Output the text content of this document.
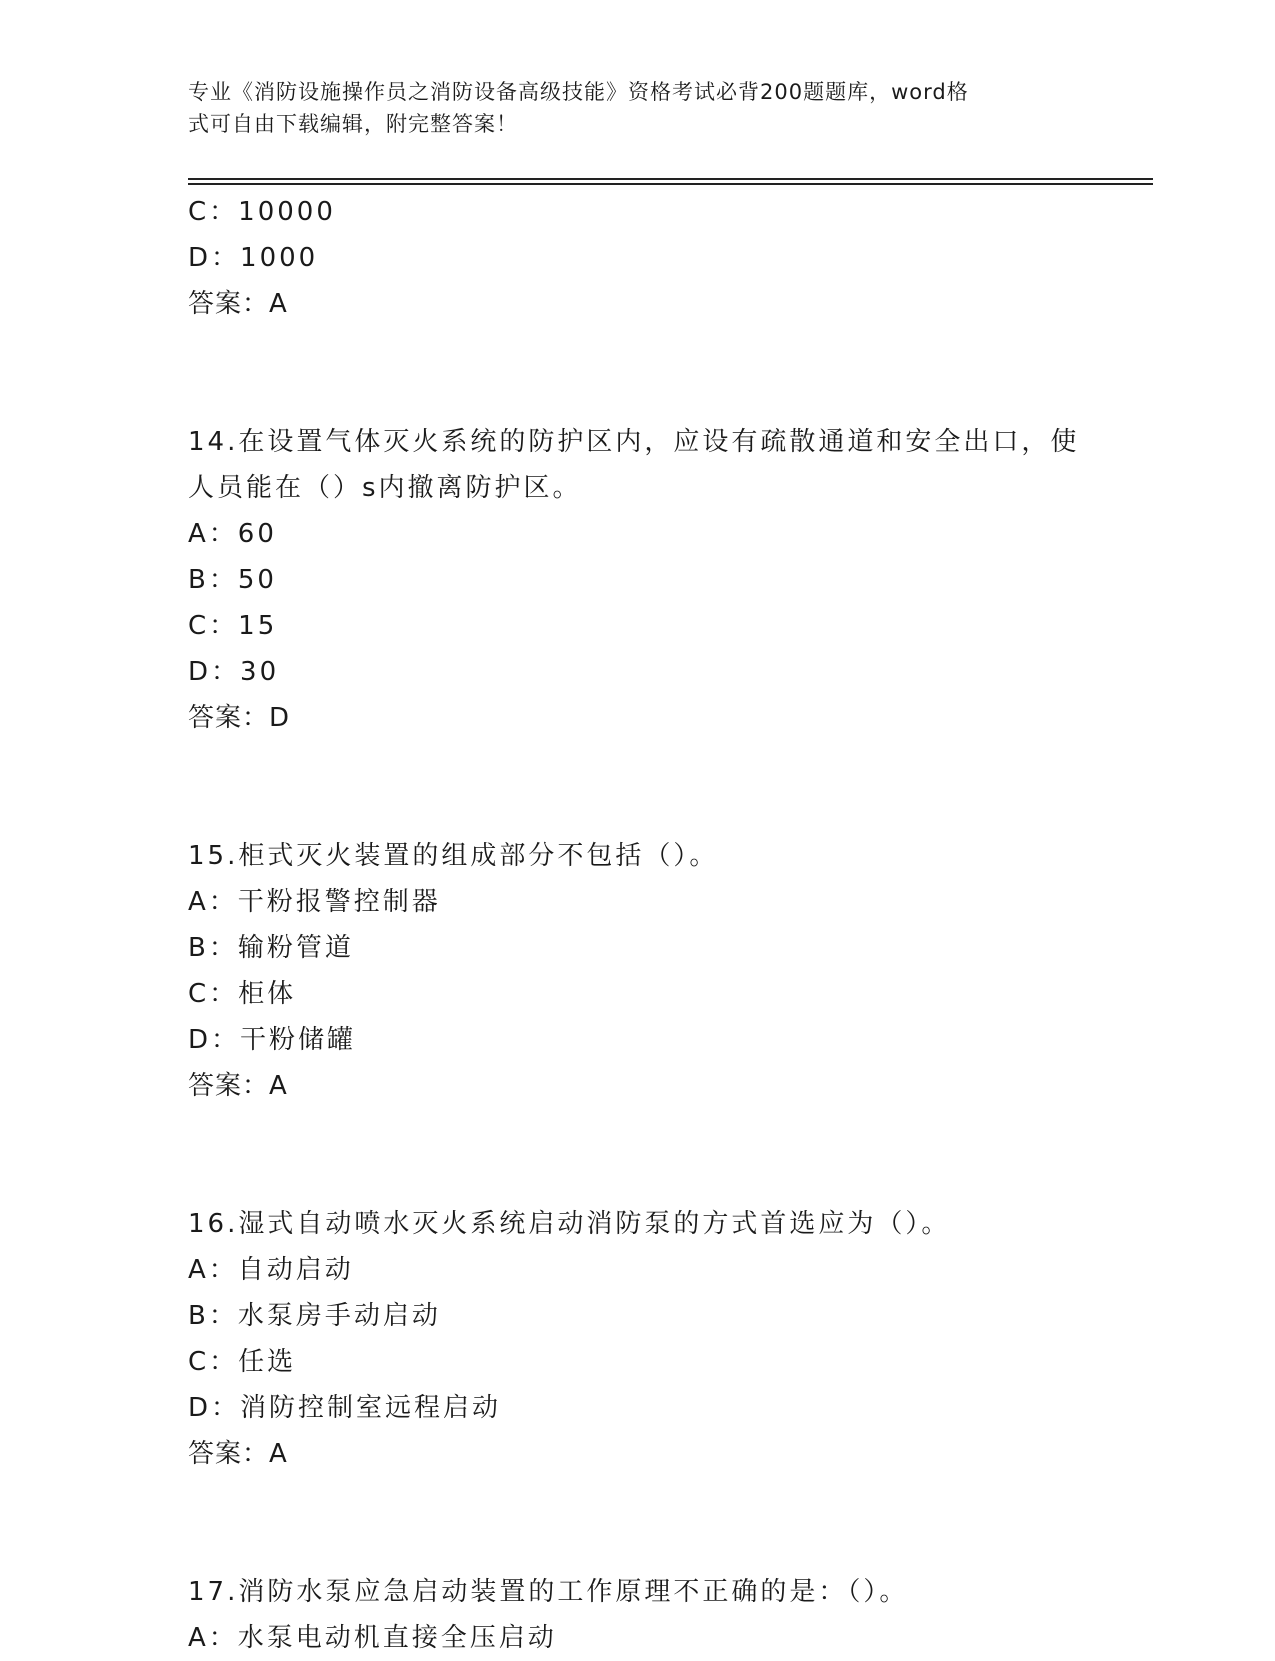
专业《消防设施操作员之消防设备高级技能》资格考试必背200题题库，word格
式可自由下载编辑，附完整答案！
C：10000
D：1000
答案：A
14.在设置气体灭火系统的防护区内，应设有疏散通道和安全出口，使
人员能在（）s内撤离防护区。
A：60
B：50
C：15
D：30
答案：D
15.柜式灭火装置的组成部分不包括（）。
A：干粉报警控制器
B：输粉管道
C：柜体
D：干粉储罐
答案：A
16.湿式自动喷水灭火系统启动消防泵的方式首选应为（）。
A：自动启动
B：水泵房手动启动
C：任选
D：消防控制室远程启动
答案：A
17.消防水泵应急启动装置的工作原理不正确的是：（）。
A：水泵电动机直接全压启动
